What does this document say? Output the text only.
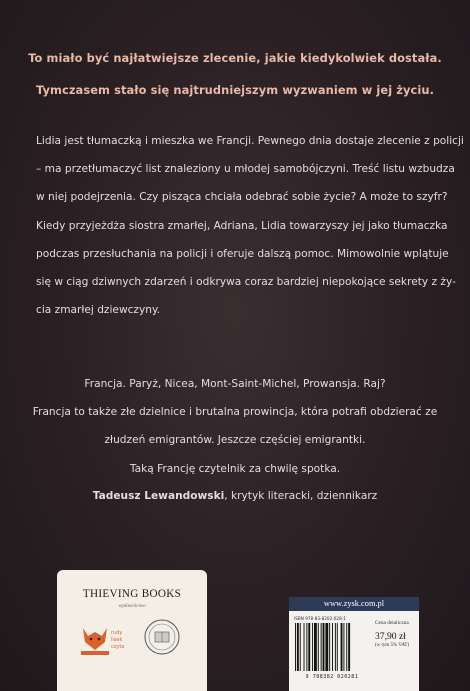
To miało być najłatwiejsze zlecenie, jakie kiedykolwiek dostała.
Tymczasem stało się najtrudniejszym wyzwaniem w jej życiu.
Lidia jest tłumaczką i mieszka we Francji. Pewnego dnia dostaje zlecenie z policji
– ma przetłumaczyć list znaleziony u młodej samobójczyni. Treść listu wzbudza
w niej podejrzenia. Czy pisząca chciała odebrać sobie życie? A może to szyfr?
Kiedy przyjeżdża siostra zmarłej, Adriana, Lidia towarzyszy jej jako tłumaczka
podczas przesłuchania na policji i oferuje dalszą pomoc. Mimowolnie wplątuje
się w ciąg dziwnych zdarzeń i odkrywa coraz bardziej niepokojące sekrety z ży-
cia zmarłej dziewczyny.
Francja. Paryż, Nicea, Mont-Saint-Michel, Prowansja. Raj?
Francja to także złe dzielnice i brutalna prowincja, która potrafi obdzierać ze
złudzeń emigrantów. Jeszcze częściej emigrantki.
Taką Francję czytelnik za chwilę spotka.
Tadeusz Lewandowski, krytyk literacki, dziennikarz
THIEVING BOOKS
wydawnictwo
rudy
lisek
czyta
www.zysk.com.pl
ISBN 978-83-8202-028-1
9 788382 020281
Cena detaliczna
37,90 zł
(w tym 5% VAT)
